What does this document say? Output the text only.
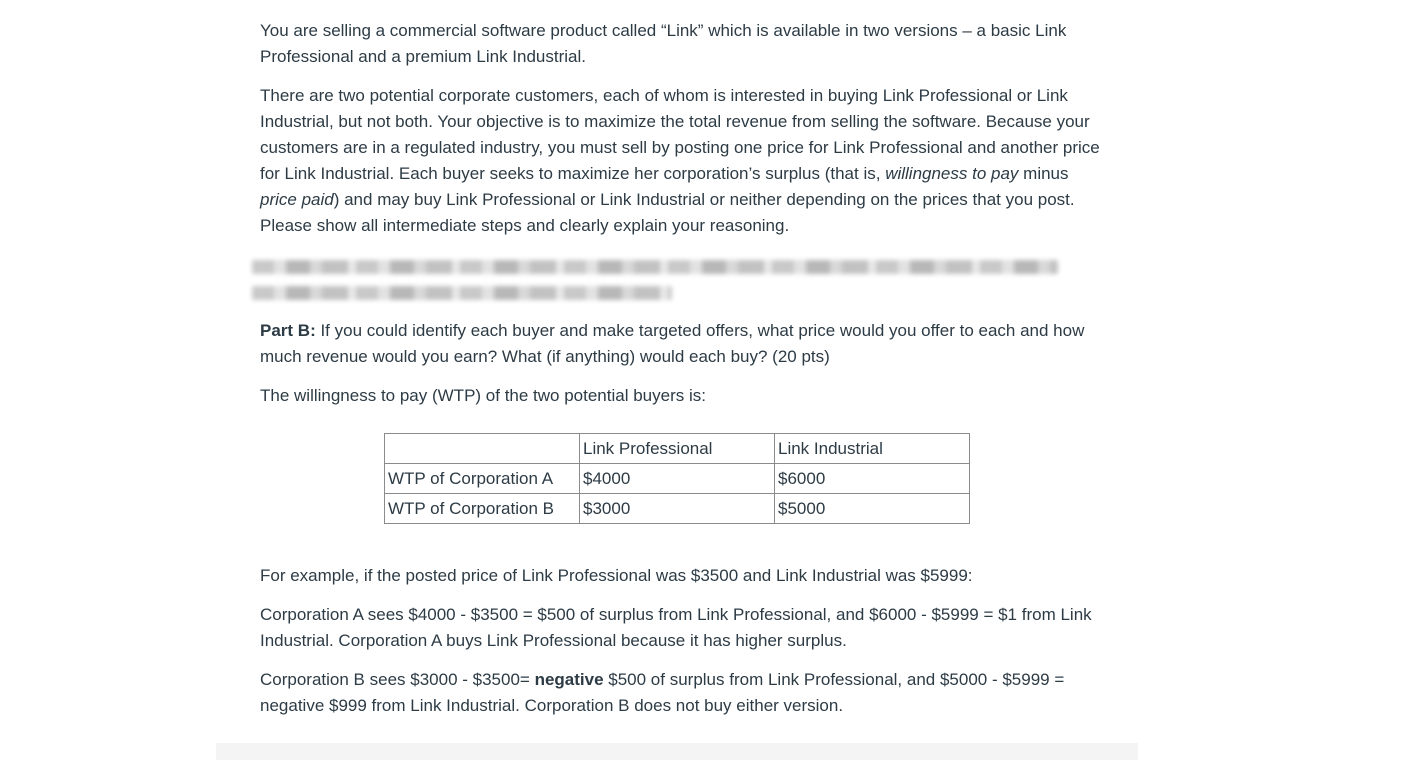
You are selling a commercial software product called “Link” which is available in two versions – a basic Link Professional and a premium Link Industrial.

There are two potential corporate customers, each of whom is interested in buying Link Professional or Link Industrial, but not both. Your objective is to maximize the total revenue from selling the software. Because your customers are in a regulated industry, you must sell by posting one price for Link Professional and another price for Link Industrial. Each buyer seeks to maximize her corporation’s surplus (that is, willingness to pay minus price paid) and may buy Link Professional or Link Industrial or neither depending on the prices that you post. Please show all intermediate steps and clearly explain your reasoning.

Part B: If you could identify each buyer and make targeted offers, what price would you offer to each and how much revenue would you earn? What (if anything) would each buy? (20 pts)

The willingness to pay (WTP) of the two potential buyers is:

	Link Professional	Link Industrial
WTP of Corporation A	$4000	$6000
WTP of Corporation B	$3000	$5000

For example, if the posted price of Link Professional was $3500 and Link Industrial was $5999:

Corporation A sees $4000 - $3500 = $500 of surplus from Link Professional, and $6000 - $5999 = $1 from Link Industrial. Corporation A buys Link Professional because it has higher surplus.

Corporation B sees $3000 - $3500= negative $500 of surplus from Link Professional, and $5000 - $5999 = negative $999 from Link Industrial. Corporation B does not buy either version.
